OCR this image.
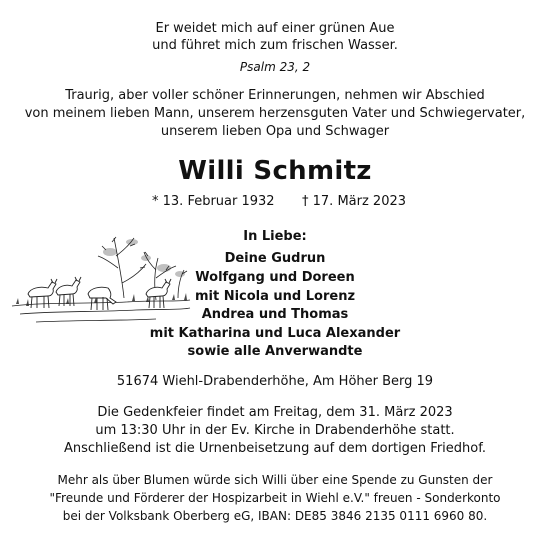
Er weidet mich auf einer grünen Aue
und führet mich zum frischen Wasser.
Psalm 23, 2
Traurig, aber voller schöner Erinnerungen, nehmen wir Abschied
von meinem lieben Mann, unserem herzensguten Vater und Schwiegervater,
unserem lieben Opa und Schwager
Willi Schmitz
* 13. Februar 1932 † 17. März 2023
In Liebe:
Deine Gudrun
Wolfgang und Doreen
mit Nicola und Lorenz
Andrea und Thomas
mit Katharina und Luca Alexander
sowie alle Anverwandte
51674 Wiehl-Drabenderhöhe, Am Höher Berg 19
Die Gedenkfeier findet am Freitag, dem 31. März 2023
um 13:30 Uhr in der Ev. Kirche in Drabenderhöhe statt.
Anschließend ist die Urnenbeisetzung auf dem dortigen Friedhof.
Mehr als über Blumen würde sich Willi über eine Spende zu Gunsten der
"Freunde und Förderer der Hospizarbeit in Wiehl e.V." freuen - Sonderkonto
bei der Volksbank Oberberg eG, IBAN: DE85 3846 2135 0111 6960 80.
